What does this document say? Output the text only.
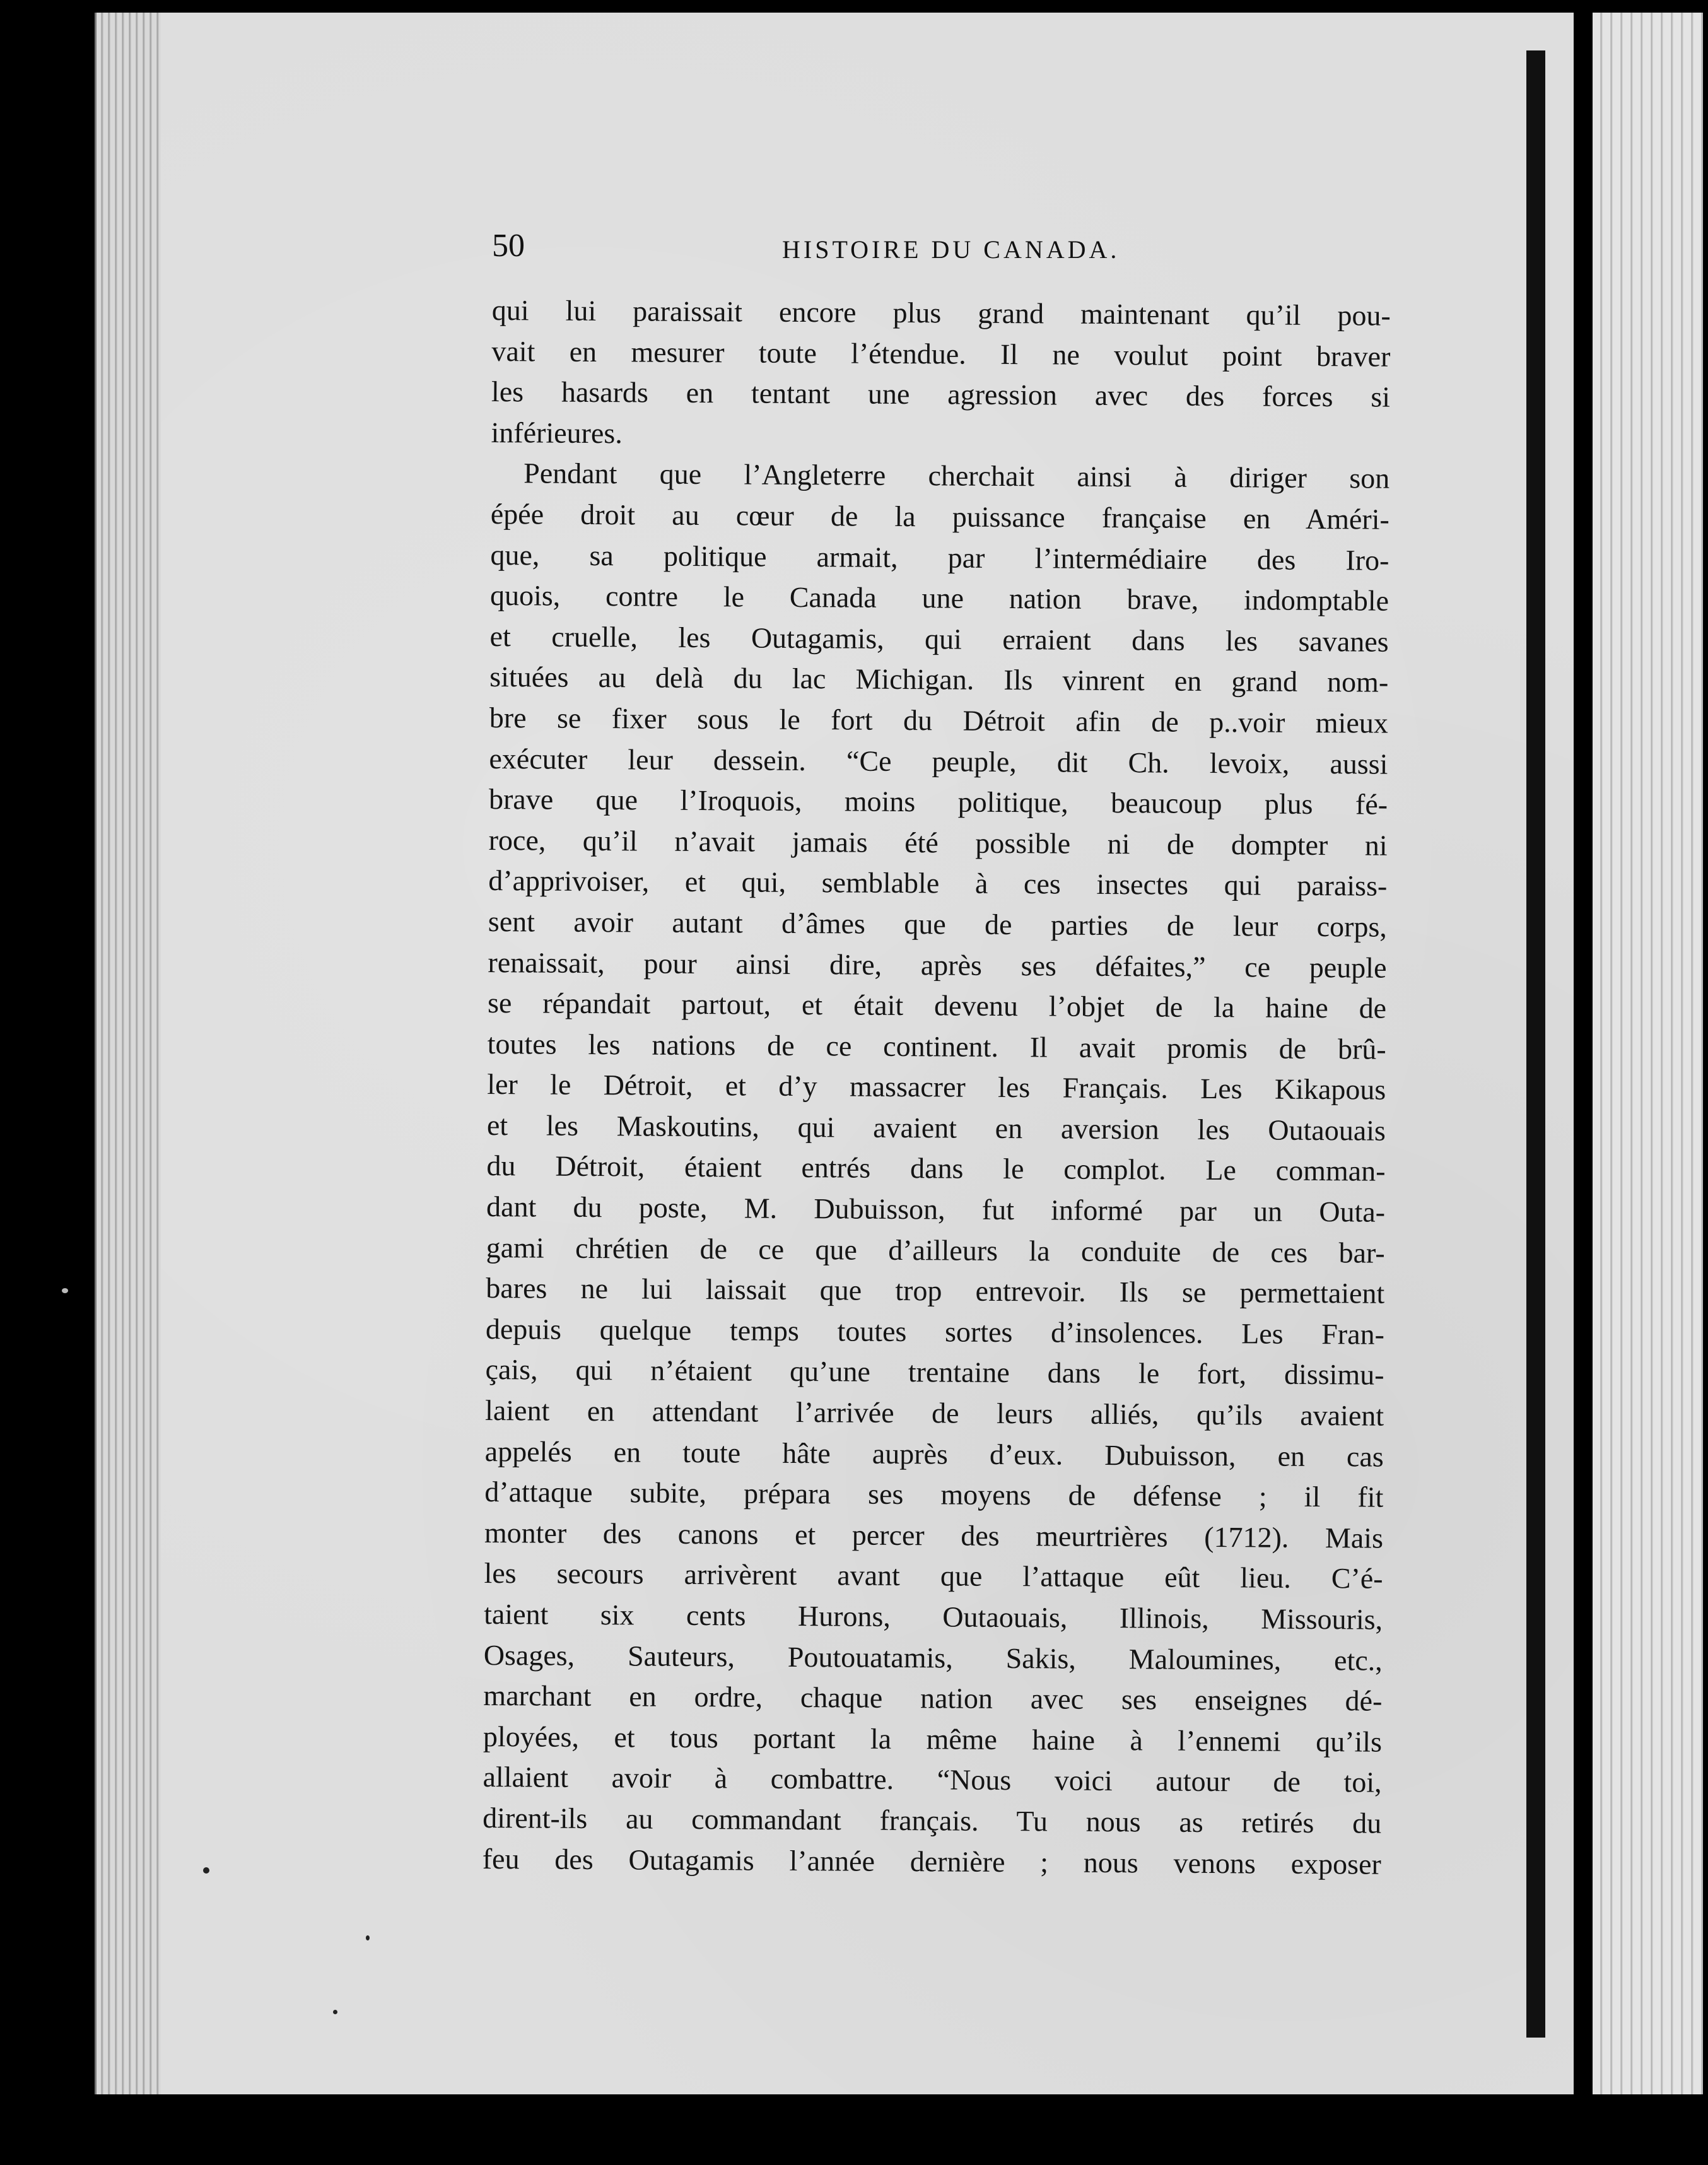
50	HISTOIRE DU CANADA.
qui lui paraissait encore plus grand maintenant qu’il pou-
vait en mesurer toute l’étendue. Il ne voulut point braver
les hasards en tentant une agression avec des forces si
inférieures.
Pendant que l’Angleterre cherchait ainsi à diriger son
épée droit au cœur de la puissance française en Améri-
que, sa politique armait, par l’intermédiaire des Iro-
quois, contre le Canada une nation brave, indomptable
et cruelle, les Outagamis, qui erraient dans les savanes
situées au delà du lac Michigan. Ils vinrent en grand nom-
bre se fixer sous le fort du Détroit afin de p..voir mieux
exécuter leur dessein. “Ce peuple, dit Ch. levoix, aussi
brave que l’Iroquois, moins politique, beaucoup plus fé-
roce, qu’il n’avait jamais été possible ni de dompter ni
d’apprivoiser, et qui, semblable à ces insectes qui paraiss-
sent avoir autant d’âmes que de parties de leur corps,
renaissait, pour ainsi dire, après ses défaites,” ce peuple
se répandait partout, et était devenu l’objet de la haine de
toutes les nations de ce continent. Il avait promis de brû-
ler le Détroit, et d’y massacrer les Français. Les Kikapous
et les Maskoutins, qui avaient en aversion les Outaouais
du Détroit, étaient entrés dans le complot. Le comman-
dant du poste, M. Dubuisson, fut informé par un Outa-
gami chrétien de ce que d’ailleurs la conduite de ces bar-
bares ne lui laissait que trop entrevoir. Ils se permettaient
depuis quelque temps toutes sortes d’insolences. Les Fran-
çais, qui n’étaient qu’une trentaine dans le fort, dissimu-
laient en attendant l’arrivée de leurs alliés, qu’ils avaient
appelés en toute hâte auprès d’eux. Dubuisson, en cas
d’attaque subite, prépara ses moyens de défense ; il fit
monter des canons et percer des meurtrières (1712). Mais
les secours arrivèrent avant que l’attaque eût lieu. C’é-
taient six cents Hurons, Outaouais, Illinois, Missouris,
Osages, Sauteurs, Poutouatamis, Sakis, Maloumines, etc.,
marchant en ordre, chaque nation avec ses enseignes dé-
ployées, et tous portant la même haine à l’ennemi qu’ils
allaient avoir à combattre. “Nous voici autour de toi,
dirent-ils au commandant français. Tu nous as retirés du
feu des Outagamis l’année dernière ; nous venons exposer
